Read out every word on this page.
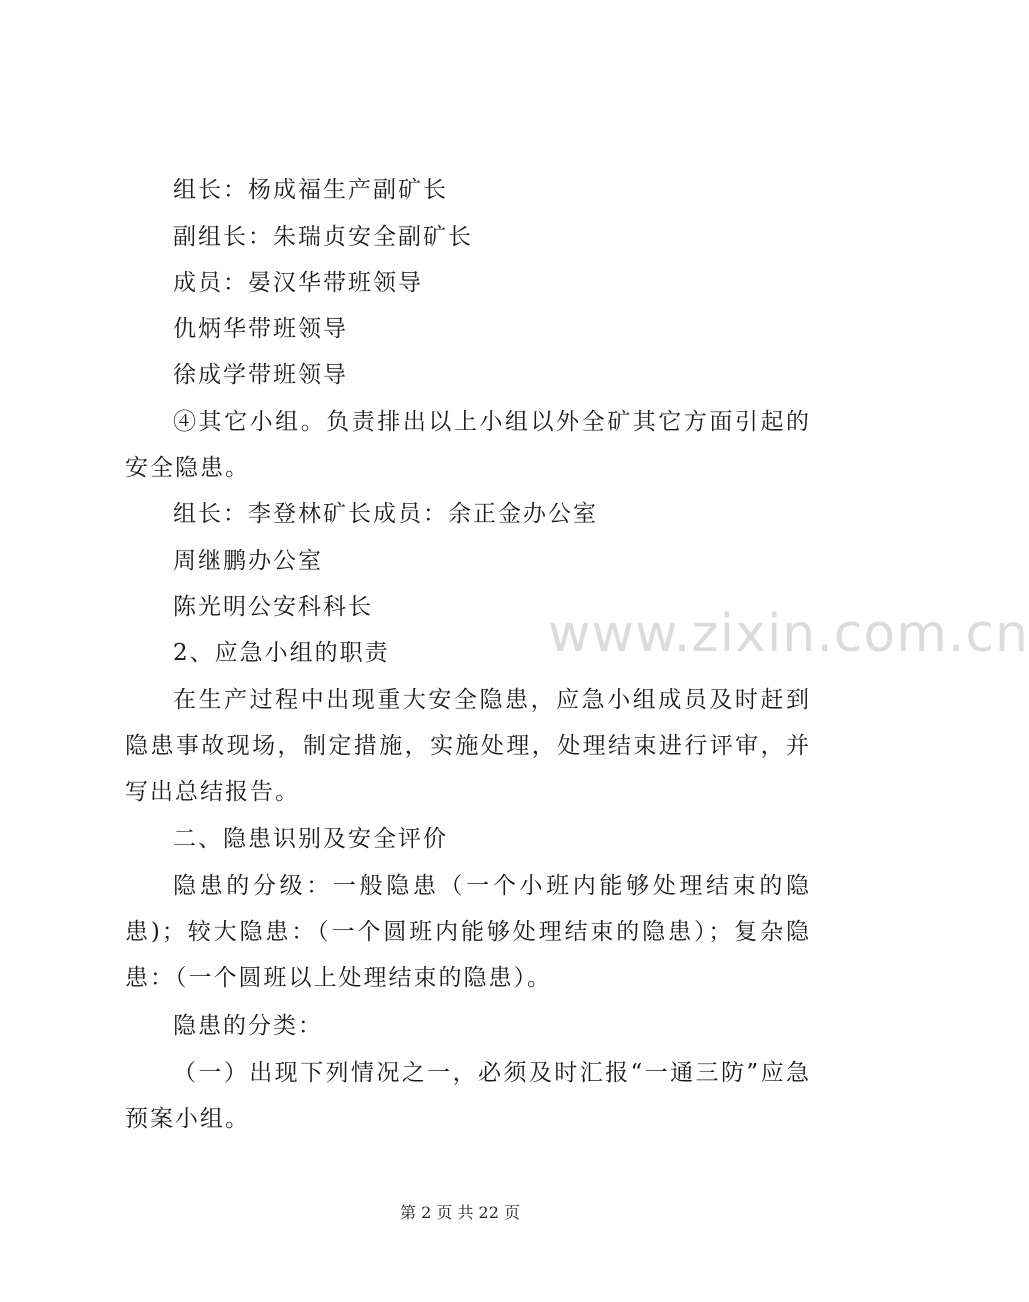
组长：杨成福生产副矿长
副组长：朱瑞贞安全副矿长
成员：晏汉华带班领导
仇炳华带班领导
徐成学带班领导
④其它小组。负责排出以上小组以外全矿其它方面引起的安全隐患。
组长：李登林矿长成员：余正金办公室
周继鹏办公室
陈光明公安科科长
2、应急小组的职责
在生产过程中出现重大安全隐患，应急小组成员及时赶到隐患事故现场，制定措施，实施处理，处理结束进行评审，并写出总结报告。
二、隐患识别及安全评价
隐患的分级：一般隐患（一个小班内能够处理结束的隐患)；较大隐患：（一个圆班内能够处理结束的隐患）；复杂隐患：（一个圆班以上处理结束的隐患）。
隐患的分类：
（一）出现下列情况之一，必须及时汇报“一通三防”应急预案小组。
www.zixin.com.cn
第 2 页 共 22 页
